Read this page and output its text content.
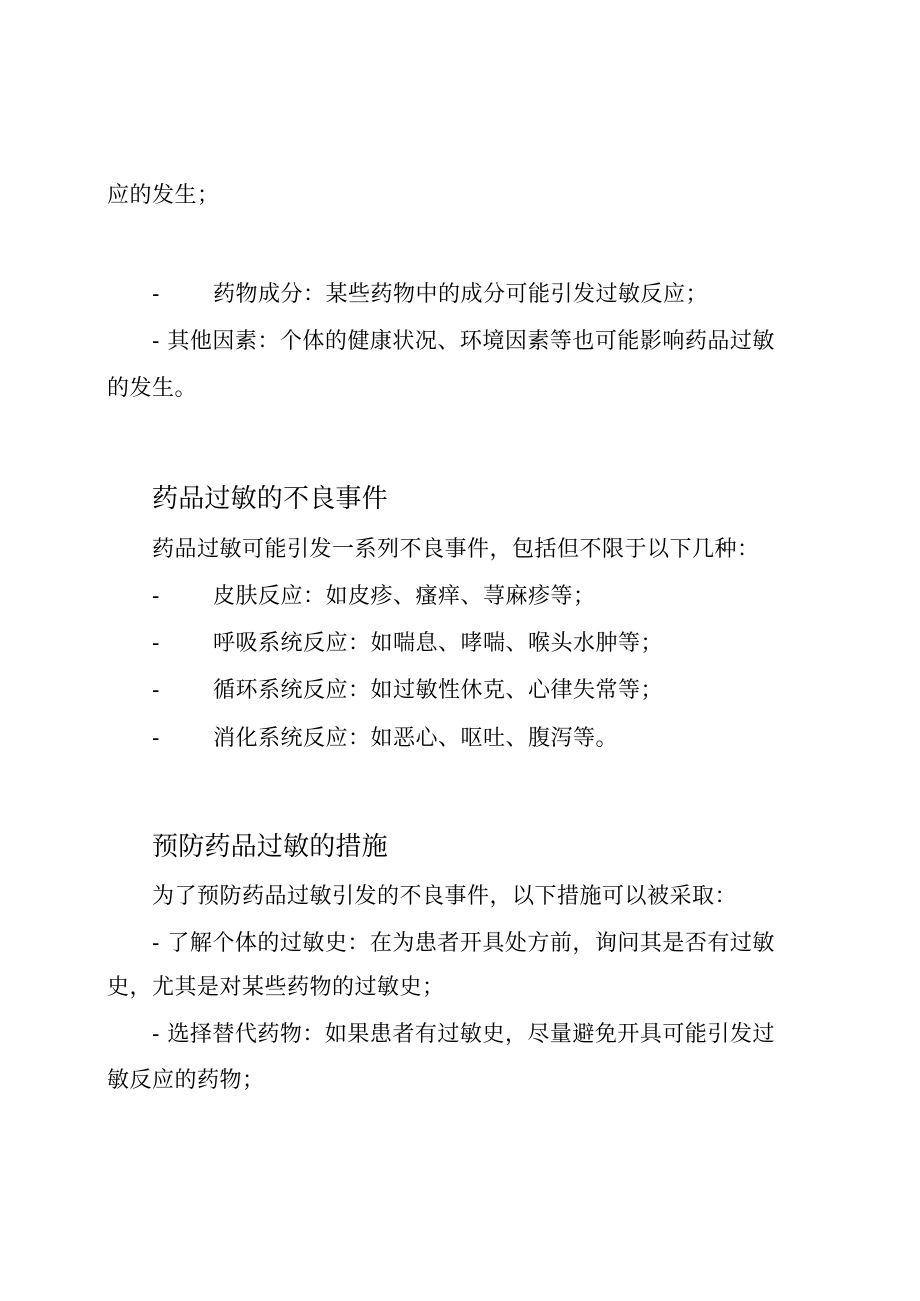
应的发生；
- 药物成分：某些药物中的成分可能引发过敏反应；
- 其他因素：个体的健康状况、环境因素等也可能影响药品过敏
的发生。
药品过敏的不良事件
药品过敏可能引发一系列不良事件，包括但不限于以下几种：
- 皮肤反应：如皮疹、瘙痒、荨麻疹等；
- 呼吸系统反应：如喘息、哮喘、喉头水肿等；
- 循环系统反应：如过敏性休克、心律失常等；
- 消化系统反应：如恶心、呕吐、腹泻等。
预防药品过敏的措施
为了预防药品过敏引发的不良事件，以下措施可以被采取：
- 了解个体的过敏史：在为患者开具处方前，询问其是否有过敏
史，尤其是对某些药物的过敏史；
- 选择替代药物：如果患者有过敏史，尽量避免开具可能引发过
敏反应的药物；
